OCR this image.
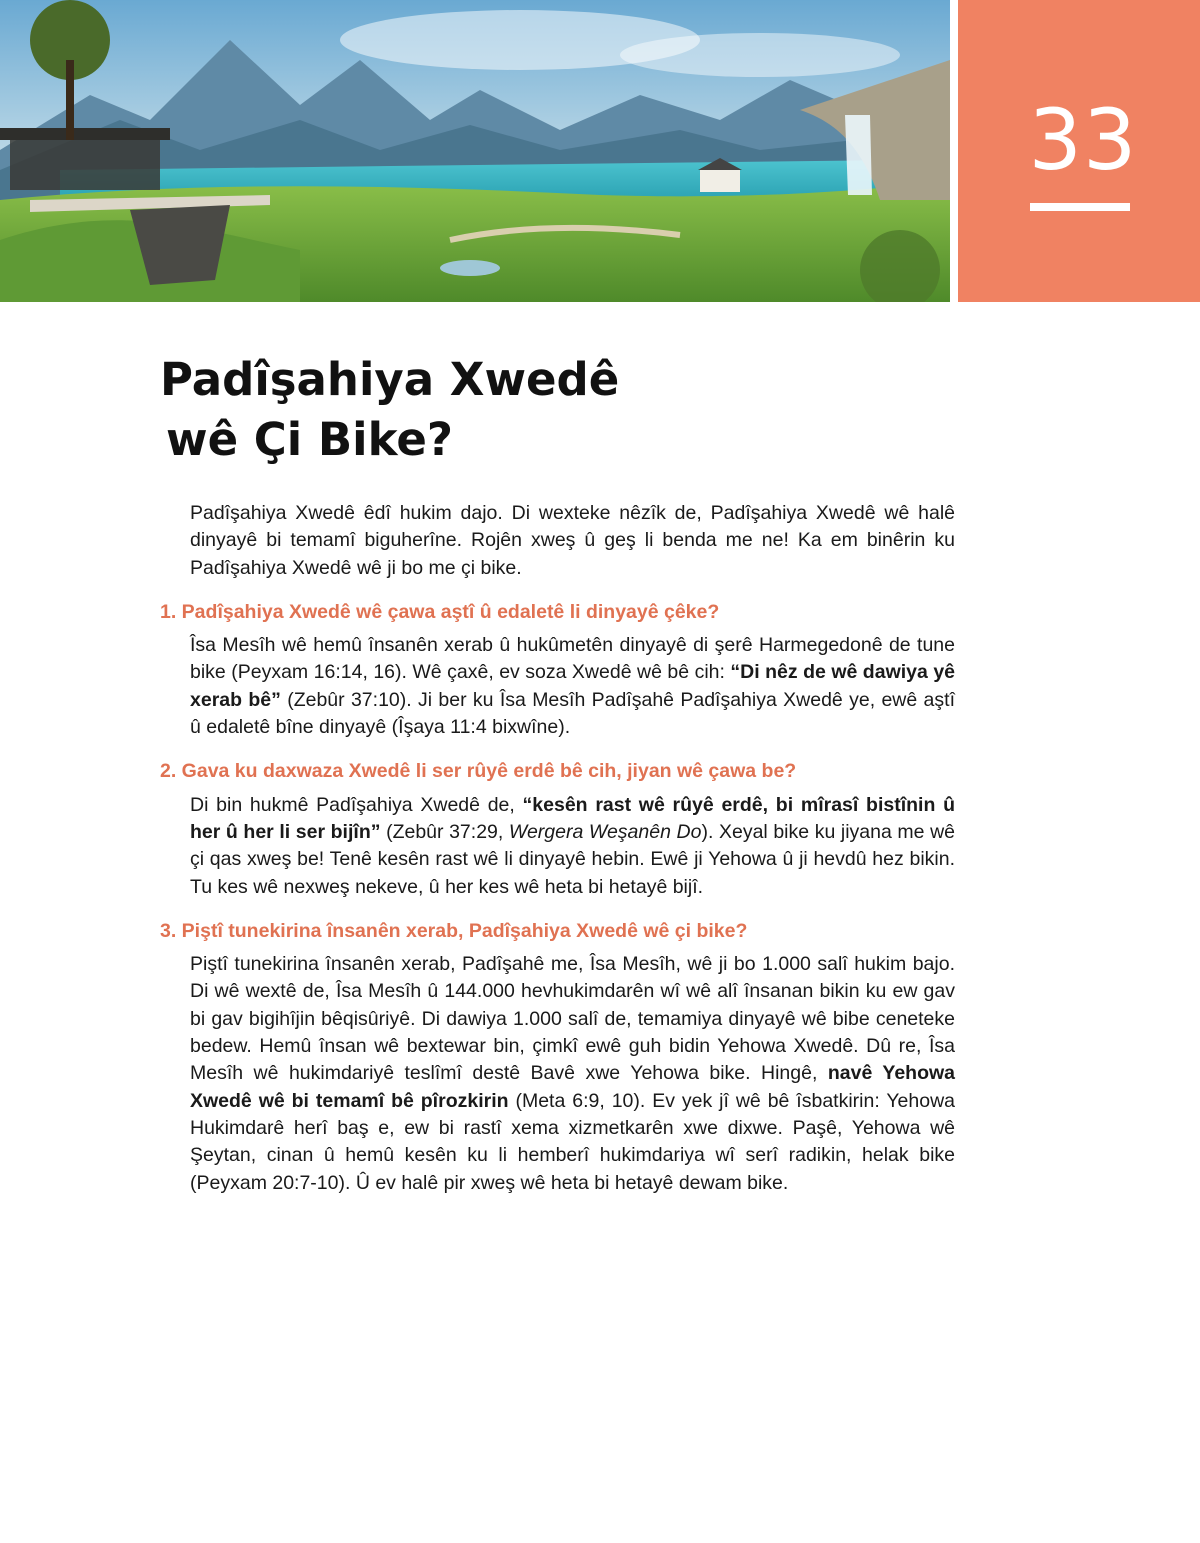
33
Padîşahiya Xwedê
wê Çi Bike?

Padîşahiya Xwedê êdî hukim dajo. Di wexteke nêzîk de, Padîşahiya Xwedê wê halê dinyayê bi temamî biguherîne. Rojên xweş û geş li benda me ne! Ka em binêrin ku Padîşahiya Xwedê wê ji bo me çi bike.

1. Padîşahiya Xwedê wê çawa aştî û edaletê li dinyayê çêke?

Îsa Mesîh wê hemû însanên xerab û hukûmetên dinyayê di şerê Harmegedonê de tune bike (Peyxam 16:14, 16). Wê çaxê, ev soza Xwedê wê bê cih: “Di nêz de wê dawiya yê xerab bê” (Zebûr 37:10). Ji ber ku Îsa Mesîh Padîşahê Padîşahiya Xwedê ye, ewê aştî û edaletê bîne dinyayê (Îşaya 11:4 bixwîne).

2. Gava ku daxwaza Xwedê li ser rûyê erdê bê cih, jiyan wê çawa be?

Di bin hukmê Padîşahiya Xwedê de, “kesên rast wê rûyê erdê, bi mîrasî bistînin û her û her li ser bijîn” (Zebûr 37:29, Wergera Weşanên Do). Xeyal bike ku jiyana me wê çi qas xweş be! Tenê kesên rast wê li dinyayê hebin. Ewê ji Yehowa û ji hevdû hez bikin. Tu kes wê nexweş nekeve, û her kes wê heta bi hetayê bijî.

3. Piştî tunekirina însanên xerab, Padîşahiya Xwedê wê çi bike?

Piştî tunekirina însanên xerab, Padîşahê me, Îsa Mesîh, wê ji bo 1.000 salî hukim bajo. Di wê wextê de, Îsa Mesîh û 144.000 hevhukimdarên wî wê alî însanan bikin ku ew gav bi gav bigihîjin bêqisûriyê. Di dawiya 1.000 salî de, temamiya dinyayê wê bibe ceneteke bedew. Hemû însan wê bextewar bin, çimkî ewê guh bidin Yehowa Xwedê. Dû re, Îsa Mesîh wê hukimdariyê teslîmî destê Bavê xwe Yehowa bike. Hingê, navê Yehowa Xwedê wê bi temamî bê pîrozkirin (Meta 6:9, 10). Ev yek jî wê bê îsbatkirin: Yehowa Hukimdarê herî baş e, ew bi rastî xema xizmetkarên xwe dixwe. Paşê, Yehowa wê Şeytan, cinan û hemû kesên ku li hemberî hukimdariya wî serî radikin, helak bike (Peyxam 20:7-10). Û ev halê pir xweş wê heta bi hetayê dewam bike.
